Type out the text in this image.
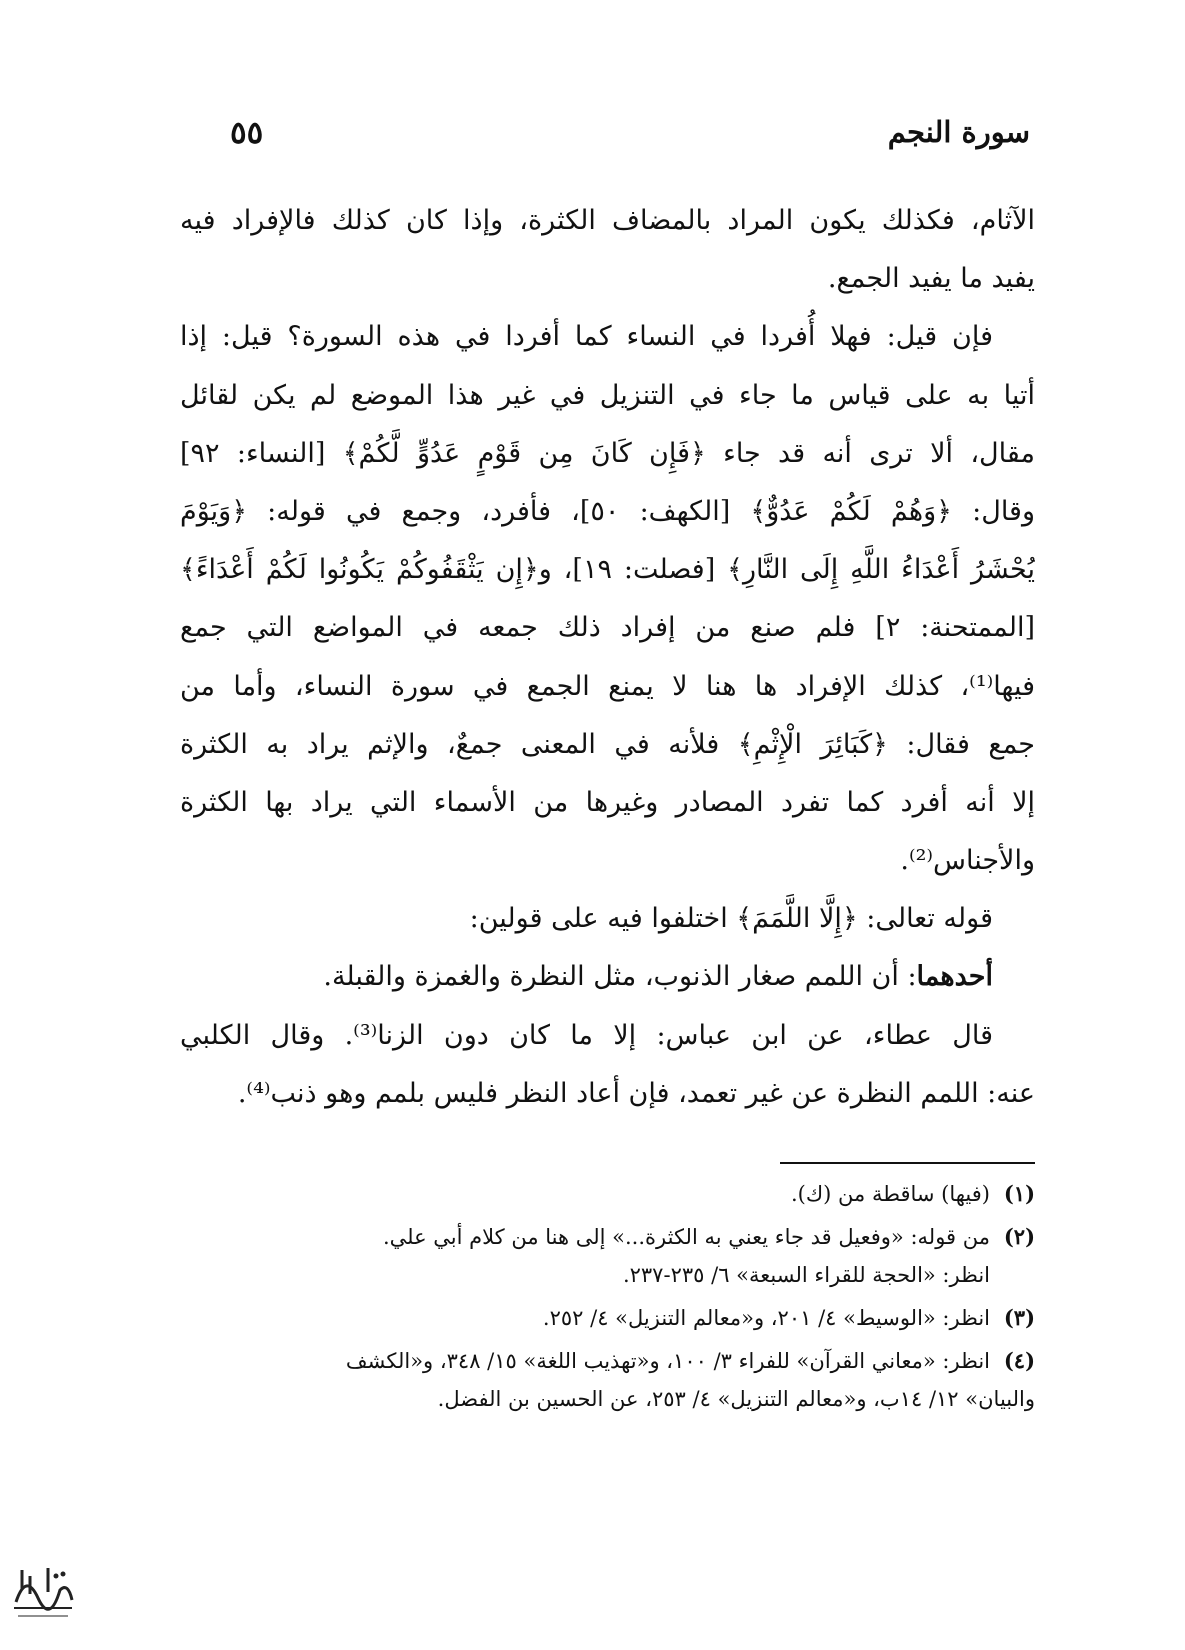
سورة النجم
٥٥
الآثام، فكذلك يكون المراد بالمضاف الكثرة، وإذا كان كذلك فالإفراد فيه
يفيد ما يفيد الجمع.
فإن قيل: فهلا أُفردا في النساء كما أفردا في هذه السورة؟ قيل: إذا
أتيا به على قياس ما جاء في التنزيل في غير هذا الموضع لم يكن لقائل
مقال، ألا ترى أنه قد جاء ﴿فَإِن كَانَ مِن قَوْمٍ عَدُوٍّ لَّكُمْ﴾ [النساء: ٩٢]
وقال: ﴿وَهُمْ لَكُمْ عَدُوٌّ﴾ [الكهف: ٥٠]، فأفرد، وجمع في قوله: ﴿وَيَوْمَ
يُحْشَرُ أَعْدَاءُ اللَّهِ إِلَى النَّارِ﴾ [فصلت: ١٩]، و﴿إِن يَثْقَفُوكُمْ يَكُونُوا لَكُمْ أَعْدَاءً﴾
[الممتحنة: ٢] فلم صنع من إفراد ذلك جمعه في المواضع التي جمع
فيها⁽¹⁾، كذلك الإفراد ها هنا لا يمنع الجمع في سورة النساء، وأما من
جمع فقال: ﴿كَبَائِرَ الْإِثْمِ﴾ فلأنه في المعنى جمعٌ، والإثم يراد به الكثرة
إلا أنه أفرد كما تفرد المصادر وغيرها من الأسماء التي يراد بها الكثرة
والأجناس⁽²⁾.
قوله تعالى: ﴿إِلَّا اللَّمَمَ﴾ اختلفوا فيه على قولين:
أحدهما: أن اللمم صغار الذنوب، مثل النظرة والغمزة والقبلة.
قال عطاء، عن ابن عباس: إلا ما كان دون الزنا⁽³⁾. وقال الكلبي
عنه: اللمم النظرة عن غير تعمد، فإن أعاد النظر فليس بلمم وهو ذنب⁽⁴⁾.
(١)(فيها) ساقطة من (ك).
(٢)من قوله: «وفعيل قد جاء يعني به الكثرة...» إلى هنا من كلام أبي علي.
انظر: «الحجة للقراء السبعة» ٦/ ٢٣٥-٢٣٧.
(٣)انظر: «الوسيط» ٤/ ٢٠١، و«معالم التنزيل» ٤/ ٢٥٢.
(٤)انظر: «معاني القرآن» للفراء ٣/ ١٠٠، و«تهذيب اللغة» ١٥/ ٣٤٨، و«الكشف
والبيان» ١٢/ ١٤ب، و«معالم التنزيل» ٤/ ٢٥٣، عن الحسين بن الفضل.
